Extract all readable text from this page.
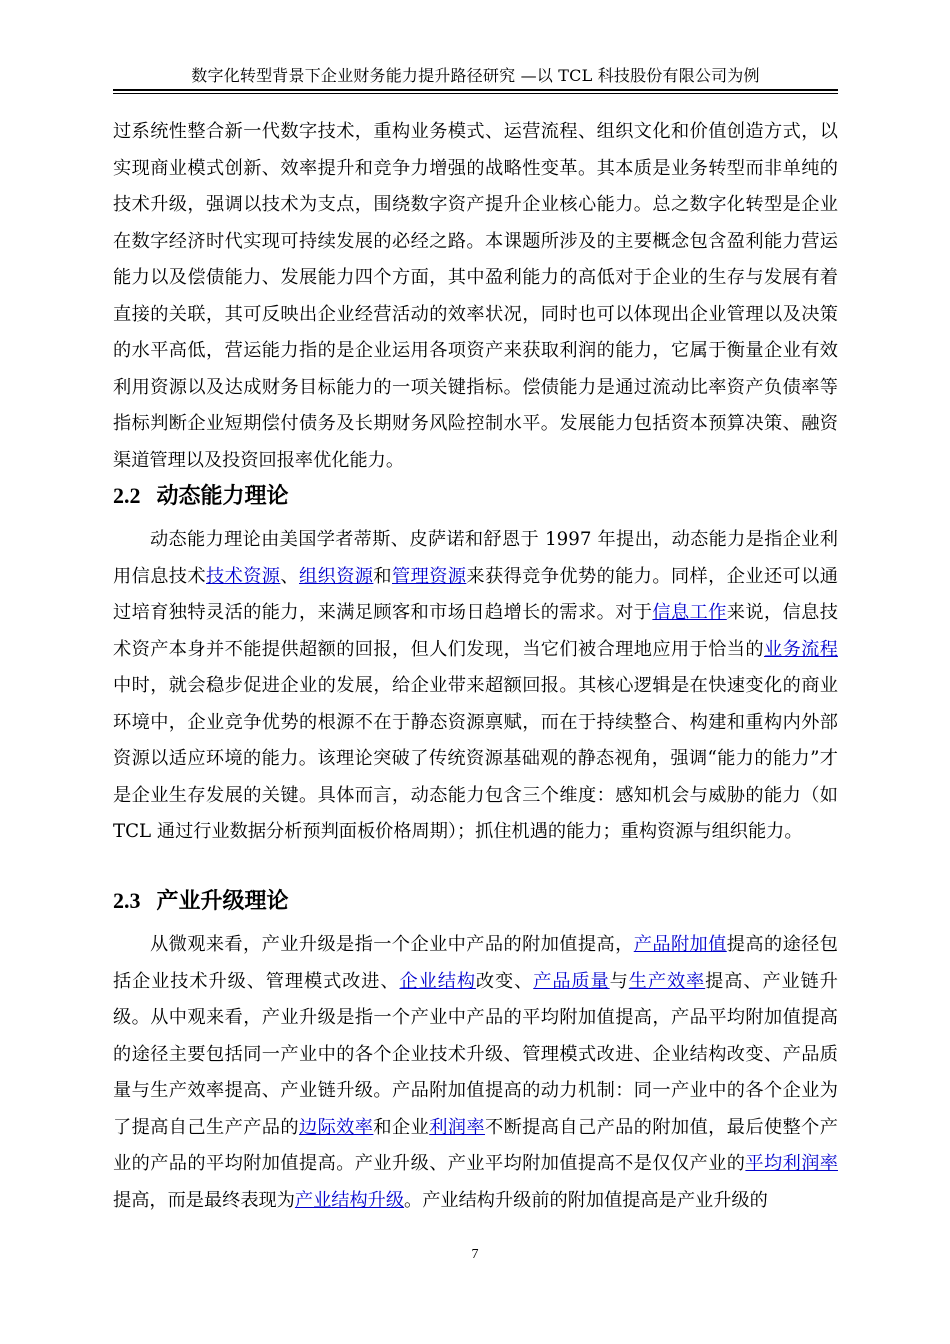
数字化转型背景下企业财务能力提升路径研究 —以 TCL 科技股份有限公司为例

过系统性整合新一代数字技术，重构业务模式、运营流程、组织文化和价值创造方式，以实现商业模式创新、效率提升和竞争力增强的战略性变革。其本质是业务转型而非单纯的技术升级，强调以技术为支点，围绕数字资产提升企业核心能力。总之数字化转型是企业在数字经济时代实现可持续发展的必经之路。本课题所涉及的主要概念包含盈利能力营运能力以及偿债能力、发展能力四个方面，其中盈利能力的高低对于企业的生存与发展有着直接的关联，其可反映出企业经营活动的效率状况，同时也可以体现出企业管理以及决策的水平高低，营运能力指的是企业运用各项资产来获取利润的能力，它属于衡量企业有效利用资源以及达成财务目标能力的一项关键指标。偿债能力是通过流动比率资产负债率等指标判断企业短期偿付债务及长期财务风险控制水平。发展能力包括资本预算决策、融资渠道管理以及投资回报率优化能力。

2.2 动态能力理论

动态能力理论由美国学者蒂斯、皮萨诺和舒恩于 1997 年提出，动态能力是指企业利用信息技术技术资源、组织资源和管理资源来获得竞争优势的能力。同样，企业还可以通过培育独特灵活的能力，来满足顾客和市场日趋增长的需求。对于信息工作来说，信息技术资产本身并不能提供超额的回报，但人们发现，当它们被合理地应用于恰当的业务流程中时，就会稳步促进企业的发展，给企业带来超额回报。其核心逻辑是在快速变化的商业环境中，企业竞争优势的根源不在于静态资源禀赋，而在于持续整合、构建和重构内外部资源以适应环境的能力。该理论突破了传统资源基础观的静态视角，强调“能力的能力”才是企业生存发展的关键。具体而言，动态能力包含三个维度：感知机会与威胁的能力（如 TCL 通过行业数据分析预判面板价格周期）；抓住机遇的能力；重构资源与组织能力。

2.3 产业升级理论

从微观来看，产业升级是指一个企业中产品的附加值提高，产品附加值提高的途径包括企业技术升级、管理模式改进、企业结构改变、产品质量与生产效率提高、产业链升级。从中观来看，产业升级是指一个产业中产品的平均附加值提高，产品平均附加值提高的途径主要包括同一产业中的各个企业技术升级、管理模式改进、企业结构改变、产品质量与生产效率提高、产业链升级。产品附加值提高的动力机制：同一产业中的各个企业为了提高自己生产产品的边际效率和企业利润率不断提高自己产品的附加值，最后使整个产业的产品的平均附加值提高。产业升级、产业平均附加值提高不是仅仅产业的平均利润率提高，而是最终表现为产业结构升级。产业结构升级前的附加值提高是产业升级的

7
